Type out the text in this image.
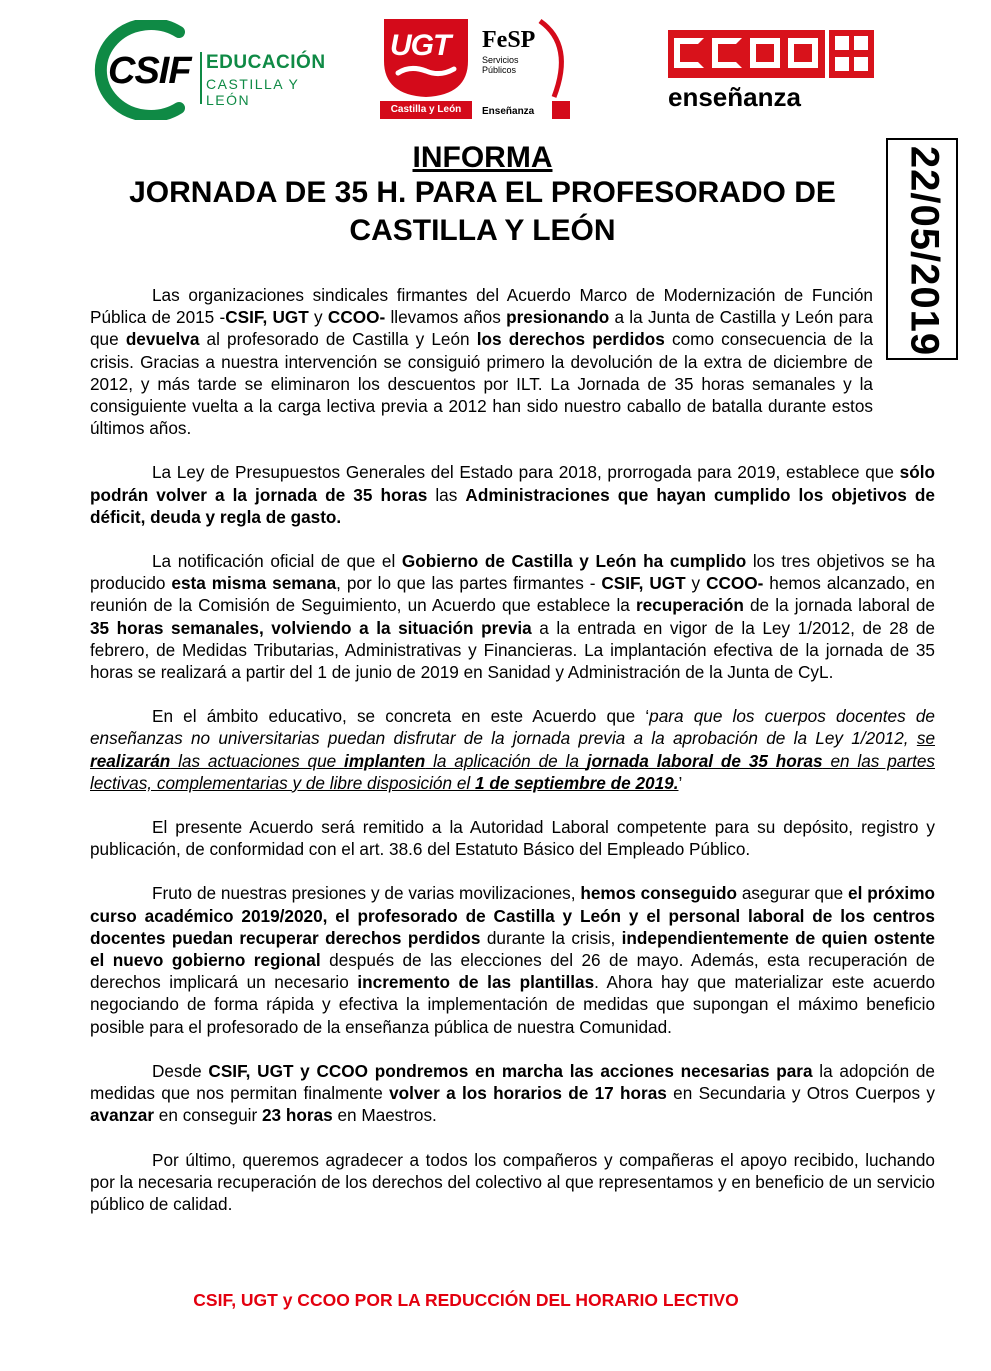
CSIF EDUCACIÓN
CASTILLA Y LEÓN
UGT
Castilla y León
FeSP
Servicios
Públicos
Enseñanza	enseñanza
22/05/2019
INFORMA
JORNADA DE 35 H. PARA EL PROFESORADO DE
CASTILLA Y LEÓN

Las organizaciones sindicales firmantes del Acuerdo Marco de Modernización de Función Pública de 2015 -CSIF, UGT y CCOO- llevamos años presionando a la Junta de Castilla y León para que devuelva al profesorado de Castilla y León los derechos perdidos como consecuencia de la crisis. Gracias a nuestra intervención se consiguió primero la devolución de la extra de diciembre de 2012, y más tarde se eliminaron los descuentos por ILT. La Jornada de 35 horas semanales y la consiguiente vuelta a la carga lectiva previa a 2012 han sido nuestro caballo de batalla durante estos últimos años.

La Ley de Presupuestos Generales del Estado para 2018, prorrogada para 2019, establece que sólo podrán volver a la jornada de 35 horas las Administraciones que hayan cumplido los objetivos de déficit, deuda y regla de gasto.

La notificación oficial de que el Gobierno de Castilla y León ha cumplido los tres objetivos se ha producido esta misma semana, por lo que las partes firmantes - CSIF, UGT y CCOO- hemos alcanzado, en reunión de la Comisión de Seguimiento, un Acuerdo que establece la recuperación de la jornada laboral de 35 horas semanales, volviendo a la situación previa a la entrada en vigor de la Ley 1/2012, de 28 de febrero, de Medidas Tributarias, Administrativas y Financieras. La implantación efectiva de la jornada de 35 horas se realizará a partir del 1 de junio de 2019 en Sanidad y Administración de la Junta de CyL.

En el ámbito educativo, se concreta en este Acuerdo que ‘para que los cuerpos docentes de enseñanzas no universitarias puedan disfrutar de la jornada previa a la aprobación de la Ley 1/2012, se realizarán las actuaciones que implanten la aplicación de la jornada laboral de 35 horas en las partes lectivas, complementarias y de libre disposición el 1 de septiembre de 2019.’

El presente Acuerdo será remitido a la Autoridad Laboral competente para su depósito, registro y publicación, de conformidad con el art. 38.6 del Estatuto Básico del Empleado Público.

Fruto de nuestras presiones y de varias movilizaciones, hemos conseguido asegurar que el próximo curso académico 2019/2020, el profesorado de Castilla y León y el personal laboral de los centros docentes puedan recuperar derechos perdidos durante la crisis, independientemente de quien ostente el nuevo gobierno regional después de las elecciones del 26 de mayo. Además, esta recuperación de derechos implicará un necesario incremento de las plantillas. Ahora hay que materializar este acuerdo negociando de forma rápida y efectiva la implementación de medidas que supongan el máximo beneficio posible para el profesorado de la enseñanza pública de nuestra Comunidad.

Desde CSIF, UGT y CCOO pondremos en marcha las acciones necesarias para la adopción de medidas que nos permitan finalmente volver a los horarios de 17 horas en Secundaria y Otros Cuerpos y avanzar en conseguir 23 horas en Maestros.

Por último, queremos agradecer a todos los compañeros y compañeras el apoyo recibido, luchando por la necesaria recuperación de los derechos del colectivo al que representamos y en beneficio de un servicio público de calidad.

CSIF, UGT y CCOO POR LA REDUCCIÓN DEL HORARIO LECTIVO
